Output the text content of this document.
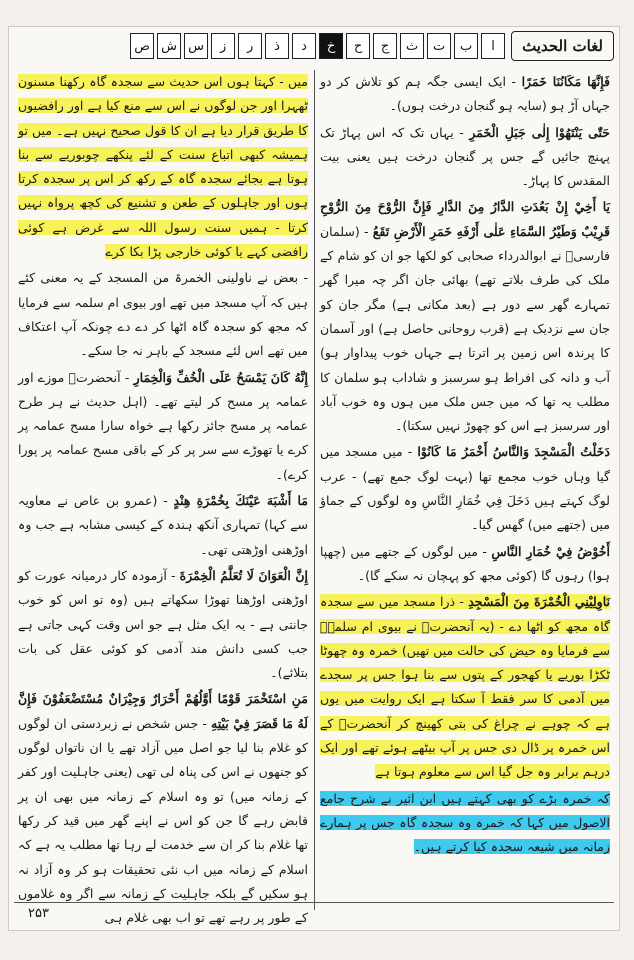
لغات الحدیث
ا
ب
ت
ث
ج
ح
خ
د
ذ
ر
ز
س
ش
ص
فَإِنَّهَا مَكَانُنَا خَمَرًا - ایک ایسی جگہ ہم کو تلاش کر دو جہاں آڑ ہو (سایہ ہو گنجان درخت ہوں)۔
حَتّٰی يَنْتَهُوْا إِلٰی جَبَلِ الْخَمَرِ - یہاں تک کہ اس پہاڑ تک پہنچ جائیں گے جس پر گنجان درخت ہیں یعنی بیت المقدس کا پہاڑ۔
يَا أَخِيْ إِنْ بَعُدَتِ الدَّارُ مِنَ الدَّارِ فَإِنَّ الرُّوْحَ مِنَ الرُّوْحِ قَرِيْبٌ وَطَيْرُ السَّمَاءِ عَلٰی أَرْفَهِ خَمَرِ الْأَرْضِ تَقَعُ - (سلمان فارسیؓ نے ابوالدرداء صحابی کو لکھا جو ان کو شام کے ملک کی طرف بلاتے تھے) بھائی جان اگر چہ میرا گھر تمہارے گھر سے دور ہے (بعد مکانی ہے) مگر جان کو جان سے نزدیک ہے (قرب روحانی حاصل ہے) اور آسمان کا پرندہ اس زمین پر اترتا ہے جہاں خوب پیداوار ہو) آب و دانہ کی افراط ہو سرسبز و شاداب ہو سلمان کا مطلب یہ تھا کہ میں جس ملک میں ہوں وہ خوب آباد اور سرسبز ہے اس کو چھوڑ نہیں سکتا)۔
دَخَلْتُ الْمَسْجِدَ وَالنَّاسُ أَخْمَرُ مَا كَانُوْا - میں مسجد میں گیا وہاں خوب مجمع تھا (بہت لوگ جمع تھے) - عرب لوگ کہتے ہیں دَخَلَ فِي خُمَارِ النَّاسِ وہ لوگوں کے جماؤ میں (جتھے میں) گھس گیا۔
أَخُوْضُ فِيْ خُمَارِ النَّاسِ - میں لوگوں کے جتھے میں (چھپا ہوا) رہوں گا (کوئی مجھ کو پہچان نہ سکے گا)۔
نَاوِلِيْنِي الْخُمْرَةَ مِنَ الْمَسْجِدِ - ذرا مسجد میں سے سجدہ گاہ مجھ کو اٹھا دے - (یہ آنحضرتؐ نے بیوی ام سلمہؓ سے فرمایا وہ حیض کی حالت میں تھیں) خمرہ وہ چھوٹا ٹکڑا بوریے یا کھجور کے پتوں سے بنا ہوا جس پر سجدے میں آدمی کا سر فقط آ سکتا ہے ایک روایت میں یوں ہے کہ چوہے نے چراغ کی بتی کھینچ کر آنحضرتؐ کے اس خمرہ پر ڈال دی جس پر آپ بیٹھے ہوئے تھے اور ایک درہم برابر وہ جل گیا اس سے معلوم ہوتا ہے
کہ خمرہ بڑے کو بھی کہتے ہیں ابن اثیر نے شرح جامع الاصول میں کہا کہ خمرہ وہ سجدہ گاہ جس پر ہمارے زمانہ میں شیعہ سجدہ کیا کرتے ہیں۔
میں - کہتا ہوں اس حدیث سے سجدہ گاہ رکھنا مسنون ٹھہرا اور جن لوگوں نے اس سے منع کیا ہے اور رافضیوں کا طریق قرار دیا ہے ان کا قول صحیح نہیں ہے۔ میں تو ہمیشہ کبھی اتباع سنت کے لئے پنکھے چوبوریے سے بنا ہوتا ہے بجائے سجدہ گاہ کے رکھ کر اس پر سجدہ کرتا ہوں اور جاہلوں کے طعن و تشنیع کی کچھ پرواہ نہیں کرتا - ہمیں سنت رسول اللہ سے غرض ہے کوئی رافضی کہے یا کوئی خارجی پڑا بکا کرے
- بعض نے ناولینی الخمرۃ من المسجد کے یہ معنی کئے ہیں کہ آپ مسجد میں تھے اور بیوی ام سلمہ سے فرمایا کہ مجھ کو سجدہ گاہ اٹھا کر دے دے چونکہ آپ اعتکاف میں تھے اس لئے مسجد کے باہر نہ جا سکے۔
إِنَّهُ كَانَ يَمْسَحُ عَلَى الْخُفِّ وَالْخِمَارِ - آنحضرتؐ موزے اور عمامہ پر مسح کر لیتے تھے۔ (اہل حدیث نے ہر طرح عمامہ پر مسح جائز رکھا ہے خواہ سارا مسح عمامہ پر کرے یا تھوڑے سے سر پر کر کے باقی مسح عمامہ پر پورا کرے)۔
مَا أَشْبَهَ عَيْنَكَ بِخُمْرَةِ هِنْدٍ - (عمرو بن عاص نے معاویہ سے کہا) تمہاری آنکھ ہندہ کے کیسی مشابہ ہے جب وہ اوڑھنی اوڑھتی تھی۔
إِنَّ الْعَوَانَ لَا تُعَلَّمُ الْخِمْرَةَ - آزمودہ کار درمیانہ عورت کو اوڑھنی اوڑھنا تھوڑا سکھاتے ہیں (وہ تو اس کو خوب جانتی ہے - یہ ایک مثل ہے جو اس وقت کہی جاتی ہے جب کسی دانش مند آدمی کو کوئی عقل کی بات بتلائے)۔
مَنِ اسْتَخْمَرَ قَوْمًا أَوَّلُهُمْ أَحْرَارٌ وَجِيْرَانٌ مُسْتَضْعَفُوْنَ فَإِنَّ لَهُ مَا قَصَرَ فِيْ بَيْتِهِ - جس شخص نے زبردستی ان لوگوں کو غلام بنا لیا جو اصل میں آزاد تھے یا ان ناتواں لوگوں کو جنھوں نے اس کی پناہ لی تھی (یعنی جاہلیت اور کفر کے زمانہ میں) تو وہ اسلام کے زمانہ میں بھی ان پر قابض رہے گا جن کو اس نے اپنے گھر میں قید کر رکھا تھا غلام بنا کر ان سے خدمت لے رہا تھا مطلب یہ ہے کہ اسلام کے زمانہ میں اب نئی تحقیقات ہو کر وہ آزاد نہ ہو سکیں گے بلکہ جاہلیت کے زمانہ سے اگر وہ غلاموں کے طور پر رہے تھے تو اب بھی غلام ہی
۲۵۳
